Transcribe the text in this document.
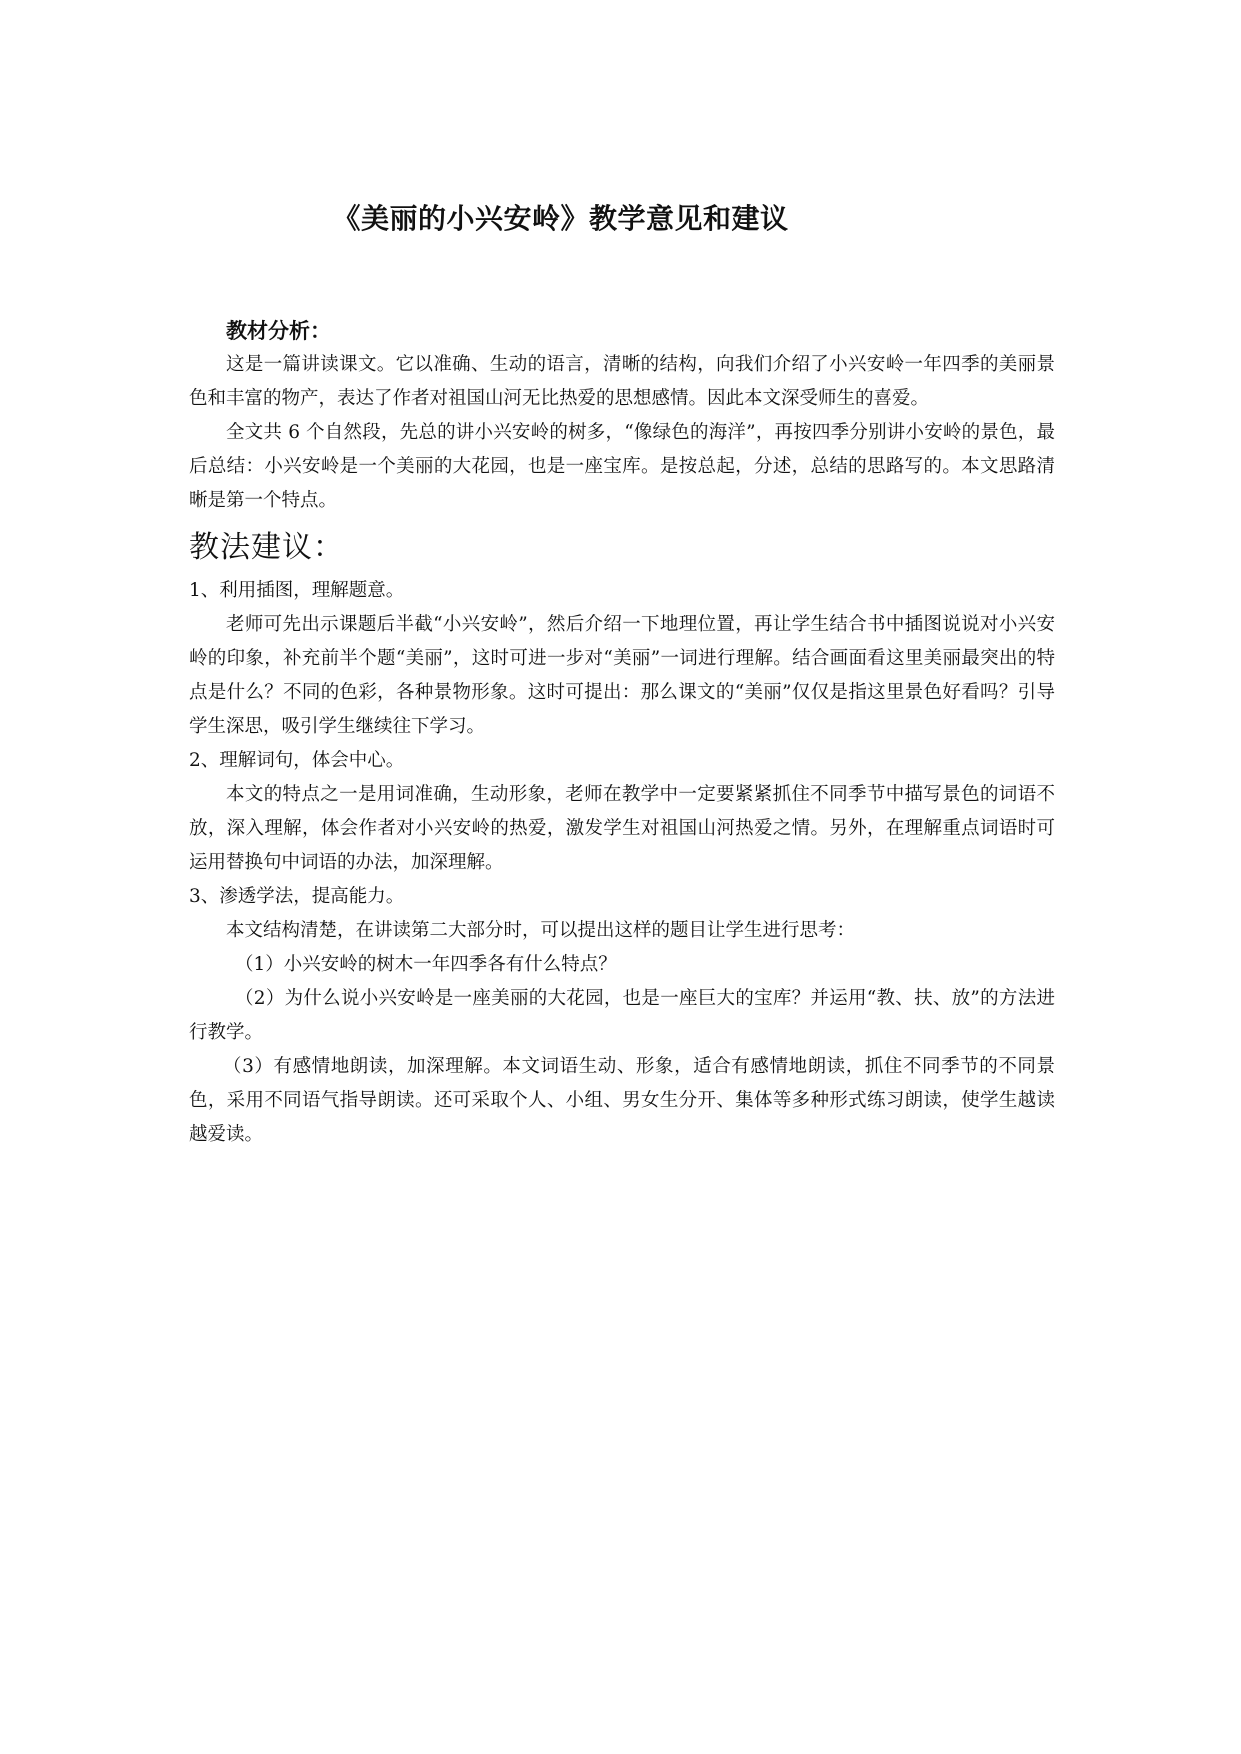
《美丽的小兴安岭》教学意见和建议
教材分析：

这是一篇讲读课文。它以准确、生动的语言，清晰的结构，向我们介绍了小兴安岭一年四季的美丽景色和丰富的物产，表达了作者对祖国山河无比热爱的思想感情。因此本文深受师生的喜爱。

全文共 6 个自然段，先总的讲小兴安岭的树多，“像绿色的海洋”，再按四季分别讲小安岭的景色，最后总结：小兴安岭是一个美丽的大花园，也是一座宝库。是按总起，分述，总结的思路写的。本文思路清晰是第一个特点。

教法建议：

1、利用插图，理解题意。

老师可先出示课题后半截“小兴安岭”，然后介绍一下地理位置，再让学生结合书中插图说说对小兴安岭的印象，补充前半个题“美丽”，这时可进一步对“美丽”一词进行理解。结合画面看这里美丽最突出的特点是什么？不同的色彩，各种景物形象。这时可提出：那么课文的“美丽”仅仅是指这里景色好看吗？引导学生深思，吸引学生继续往下学习。

2、理解词句，体会中心。

本文的特点之一是用词准确，生动形象，老师在教学中一定要紧紧抓住不同季节中描写景色的词语不放，深入理解，体会作者对小兴安岭的热爱，激发学生对祖国山河热爱之情。另外，在理解重点词语时可运用替换句中词语的办法，加深理解。

3、渗透学法，提高能力。

本文结构清楚，在讲读第二大部分时，可以提出这样的题目让学生进行思考：

（1）小兴安岭的树木一年四季各有什么特点？

（2）为什么说小兴安岭是一座美丽的大花园，也是一座巨大的宝库？并运用“教、扶、放”的方法进行教学。

（3）有感情地朗读，加深理解。本文词语生动、形象，适合有感情地朗读，抓住不同季节的不同景色，采用不同语气指导朗读。还可采取个人、小组、男女生分开、集体等多种形式练习朗读，使学生越读越爱读。
